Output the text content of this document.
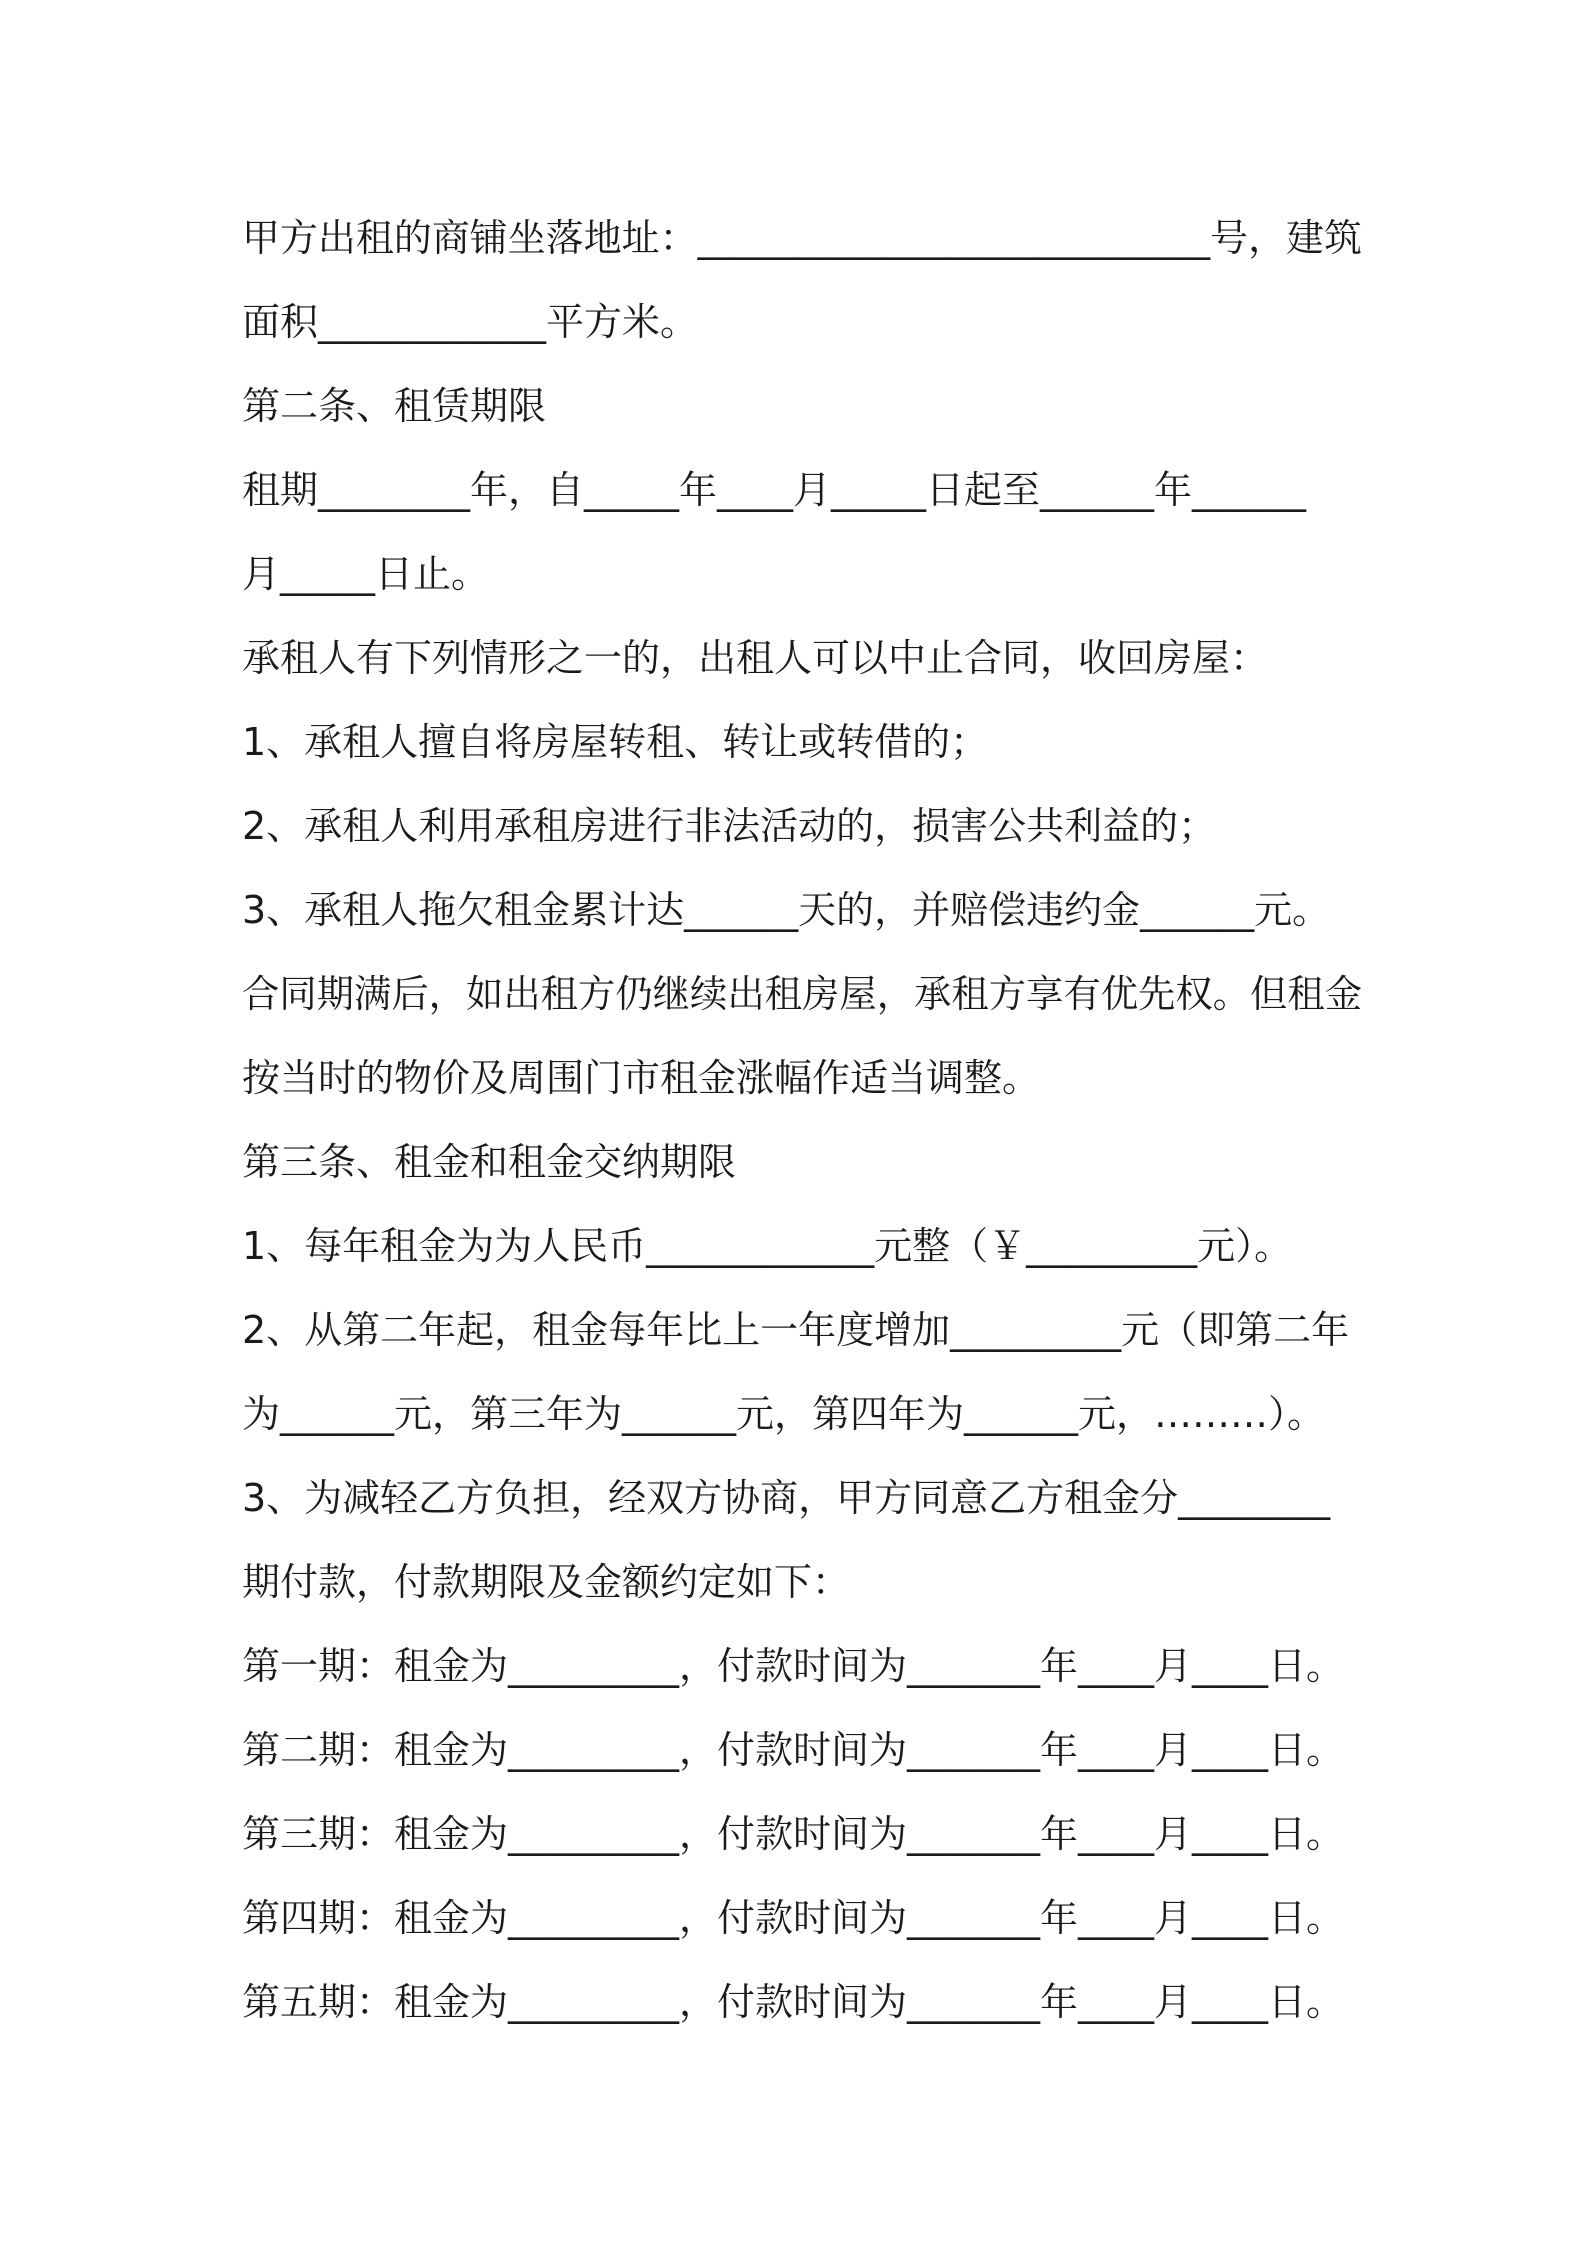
甲方出租的商铺坐落地址：___________________________号，建筑
面积____________平方米。
第二条、租赁期限
租期________年，自_____年____月_____日起至______年______
月_____日止。
承租人有下列情形之一的，出租人可以中止合同，收回房屋：
1、承租人擅自将房屋转租、转让或转借的；
2、承租人利用承租房进行非法活动的，损害公共利益的；
3、承租人拖欠租金累计达______天的，并赔偿违约金______元。
合同期满后，如出租方仍继续出租房屋，承租方享有优先权。但租金
按当时的物价及周围门市租金涨幅作适当调整。
第三条、租金和租金交纳期限
1、每年租金为为人民币____________元整（￥_________元）。
2、从第二年起，租金每年比上一年度增加_________元（即第二年
为______元，第三年为______元，第四年为______元，………）。
3、为减轻乙方负担，经双方协商，甲方同意乙方租金分________
期付款，付款期限及金额约定如下：
第一期：租金为_________，付款时间为_______年____月____日。
第二期：租金为_________，付款时间为_______年____月____日。
第三期：租金为_________，付款时间为_______年____月____日。
第四期：租金为_________，付款时间为_______年____月____日。
第五期：租金为_________，付款时间为_______年____月____日。
